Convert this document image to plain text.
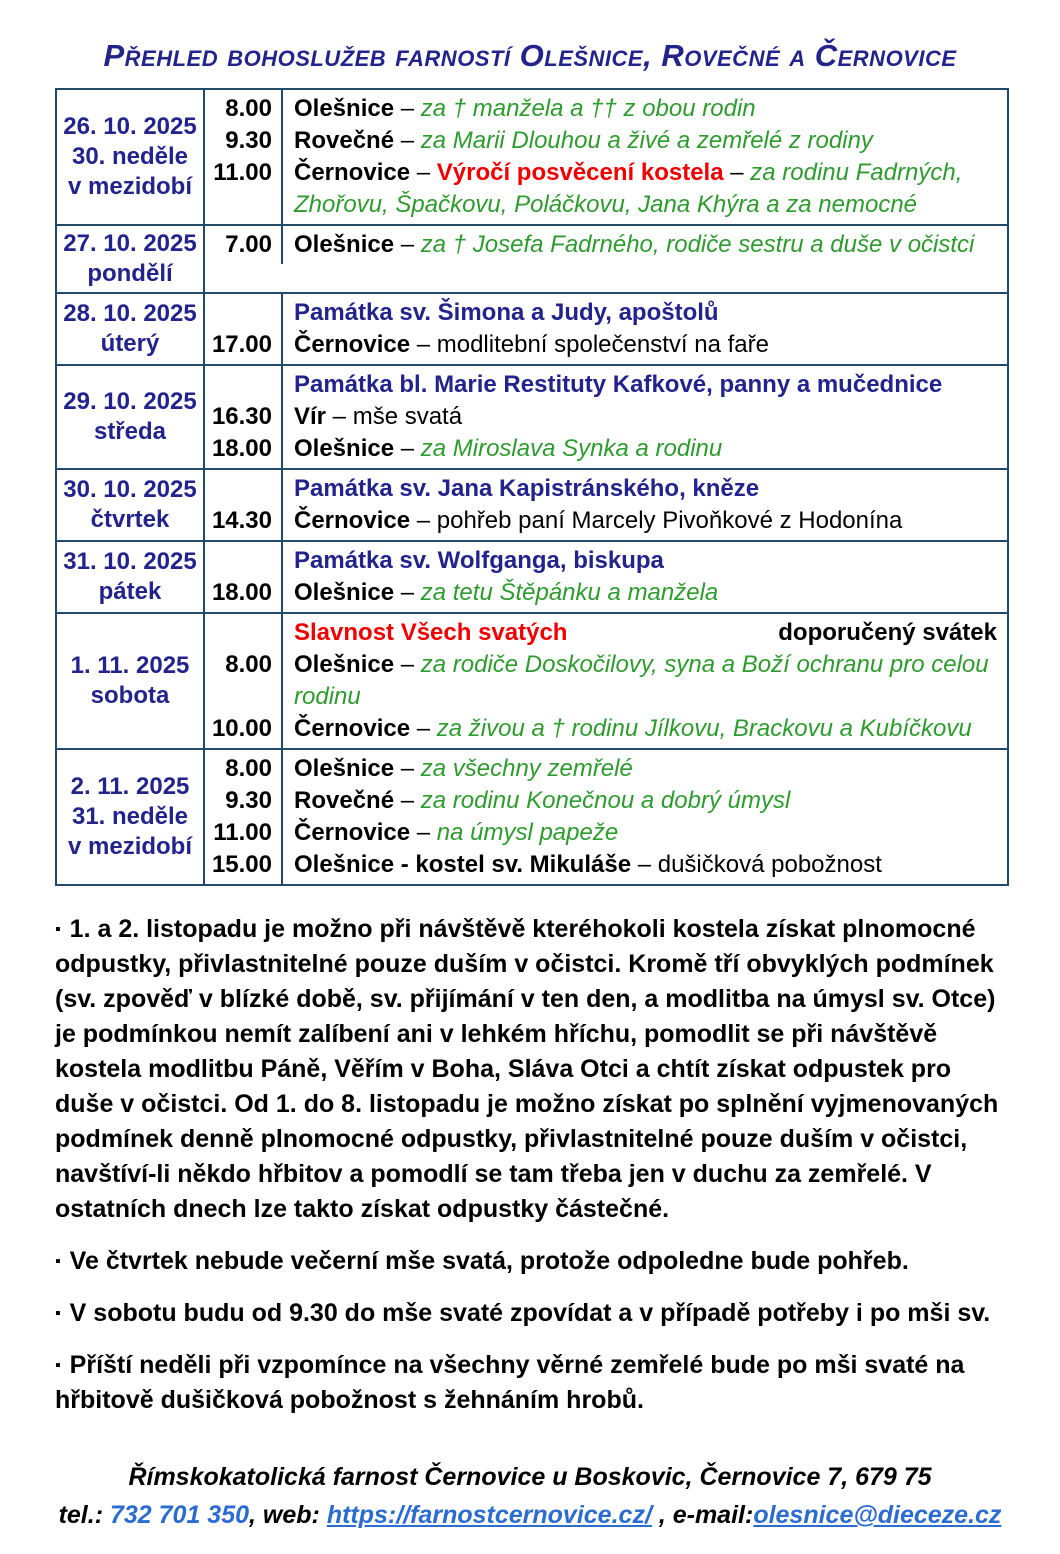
Přehled bohoslužeb farností Olešnice, Rovečné a Černovice
26. 10. 2025
30. neděle
v mezidobí
8.00 Olešnice – za † manžela a †† z obou rodin
9.30 Rovečné – za Marii Dlouhou a živé a zemřelé z rodiny
11.00 Černovice – Výročí posvěcení kostela – za rodinu Fadrných, Zhořovu, Špačkovu, Poláčkovu, Jana Khýra a za nemocné
27. 10. 2025
pondělí
7.00 Olešnice – za † Josefa Fadrného, rodiče sestru a duše v očistci
28. 10. 2025
úterý
Památka sv. Šimona a Judy, apoštolů
17.00 Černovice – modlitební společenství na faře
29. 10. 2025
středa
Památka bl. Marie Restituty Kafkové, panny a mučednice
16.30 Vír – mše svatá
18.00 Olešnice – za Miroslava Synka a rodinu
30. 10. 2025
čtvrtek
Památka sv. Jana Kapistránského, kněze
14.30 Černovice – pohřeb paní Marcely Pivoňkové z Hodonína
31. 10. 2025
pátek
Památka sv. Wolfganga, biskupa
18.00 Olešnice – za tetu Štěpánku a manžela
1. 11. 2025
sobota
Slavnost Všech svatých	doporučený svátek
8.00 Olešnice – za rodiče Doskočilovy, syna a Boží ochranu pro celou rodinu
10.00 Černovice – za živou a † rodinu Jílkovu, Brackovu a Kubíčkovu
2. 11. 2025
31. neděle
v mezidobí
8.00 Olešnice – za všechny zemřelé
9.30 Rovečné – za rodinu Konečnou a dobrý úmysl
11.00 Černovice – na úmysl papeže
15.00 Olešnice - kostel sv. Mikuláše – dušičková pobožnost
▪ 1. a 2. listopadu je možno při návštěvě kteréhokoli kostela získat plnomocné odpustky, přivlastnitelné pouze duším v očistci. Kromě tří obvyklých podmínek (sv. zpověď v blízké době, sv. přijímání v ten den, a modlitba na úmysl sv. Otce) je podmínkou nemít zalíbení ani v lehkém hříchu, pomodlit se při návštěvě kostela modlitbu Páně, Věřím v Boha, Sláva Otci a chtít získat odpustek pro duše v očistci. Od 1. do 8. listopadu je možno získat po splnění vyjmenovaných podmínek denně plnomocné odpustky, přivlastnitelné pouze duším v očistci, navštíví-li někdo hřbitov a pomodlí se tam třeba jen v duchu za zemřelé. V ostatních dnech lze takto získat odpustky částečné.
▪ Ve čtvrtek nebude večerní mše svatá, protože odpoledne bude pohřeb.
▪ V sobotu budu od 9.30 do mše svaté zpovídat a v případě potřeby i po mši sv.
▪ Příští neděli při vzpomínce na všechny věrné zemřelé bude po mši svaté na hřbitově dušičková pobožnost s žehnáním hrobů.
Římskokatolická farnost Černovice u Boskovic, Černovice 7, 679 75
tel.: 732 701 350, web: https://farnostcernovice.cz/ , e-mail:olesnice@dieceze.cz
